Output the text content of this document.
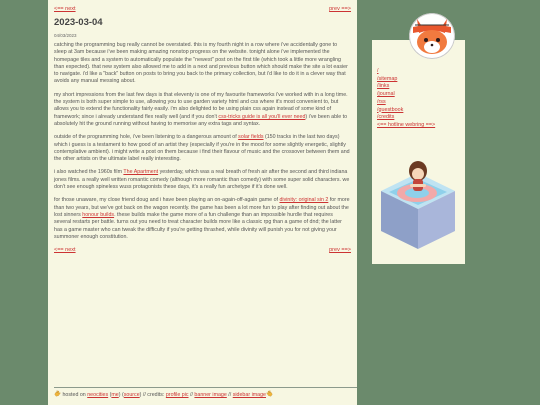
<== next	prev ==>
2023-03-04
04/03/2023

catching the programming bug really cannot be overstated. this is my fourth night in a row where i've accidentally gone to sleep at 3am because i've been making amazing nonstop progress on the website. tonight alone i've implemented the homepage tiles and a system to automatically populate the "newest" post on the first tile (which took a little more wrangling than expected). that new system also allowed me to add in a next and previous button which should make the site a lot easier to navigate. i'd like a "back" button on posts to bring you back to the primary collection, but i'd like to do it in a clever way that avoids any manual messing about.

my short impressions from the last few days is that eleventy is one of my favourite frameworks i've worked with in a long time. the system is both super simple to use, allowing you to use garden variety html and css where it's most convenient to, but allows you to extend the functionality fairly easily. i'm also delighted to be using plain css again instead of some kind of framework; since i already understand flex really well (and if you don't css-tricks guide is all you'll ever need) i've been able to absolutely hit the ground running without having to memorise any extra tags and syntax.

outside of the programming hole, i've been listening to a dangerous amount of solar fields (150 tracks in the last two days) which i guess is a testament to how good of an artist they (especially if you're in the mood for some slightly energetic, slightly contemplative ambient). i might write a post on them because i find their flavour of music and the crossover between them and the other artists on the ultimate label really interesting.

i also watched the 1960s film The Apartment yesterday, which was a real breath of fresh air after the second and third indiana jones films. a really well written romantic comedy (although more romantic than comedy) with some super solid characters. we don't see enough spineless wuss protagonists these days, it's a really fun archetype if it's done well.

for those unaware, my close friend doug and i have been playing an on-again-off-again game of divinity: original sin 2 for more than two years, but we've got back on the wagon recently. the game has been a lot more fun to play after finding out about the lost sinners honour builds. these builds make the game more of a fun challenge than an impossible hurdle that requires several restarts per battle. turns out you need to treat character builds more like a classic rpg than a game of dnd; the latter has a game master who can tweak the difficulty if you're getting thrashed, while divinity will punish you for not giving your summoner enough constitution.

<== next	prev ==>
hosted on neocities (me) (source) // credits: profile pic // banner image // sidebar image
/
/sitemap
/links
/journal
/rss
/guestbook
/credits
<== hotline webring ==>
